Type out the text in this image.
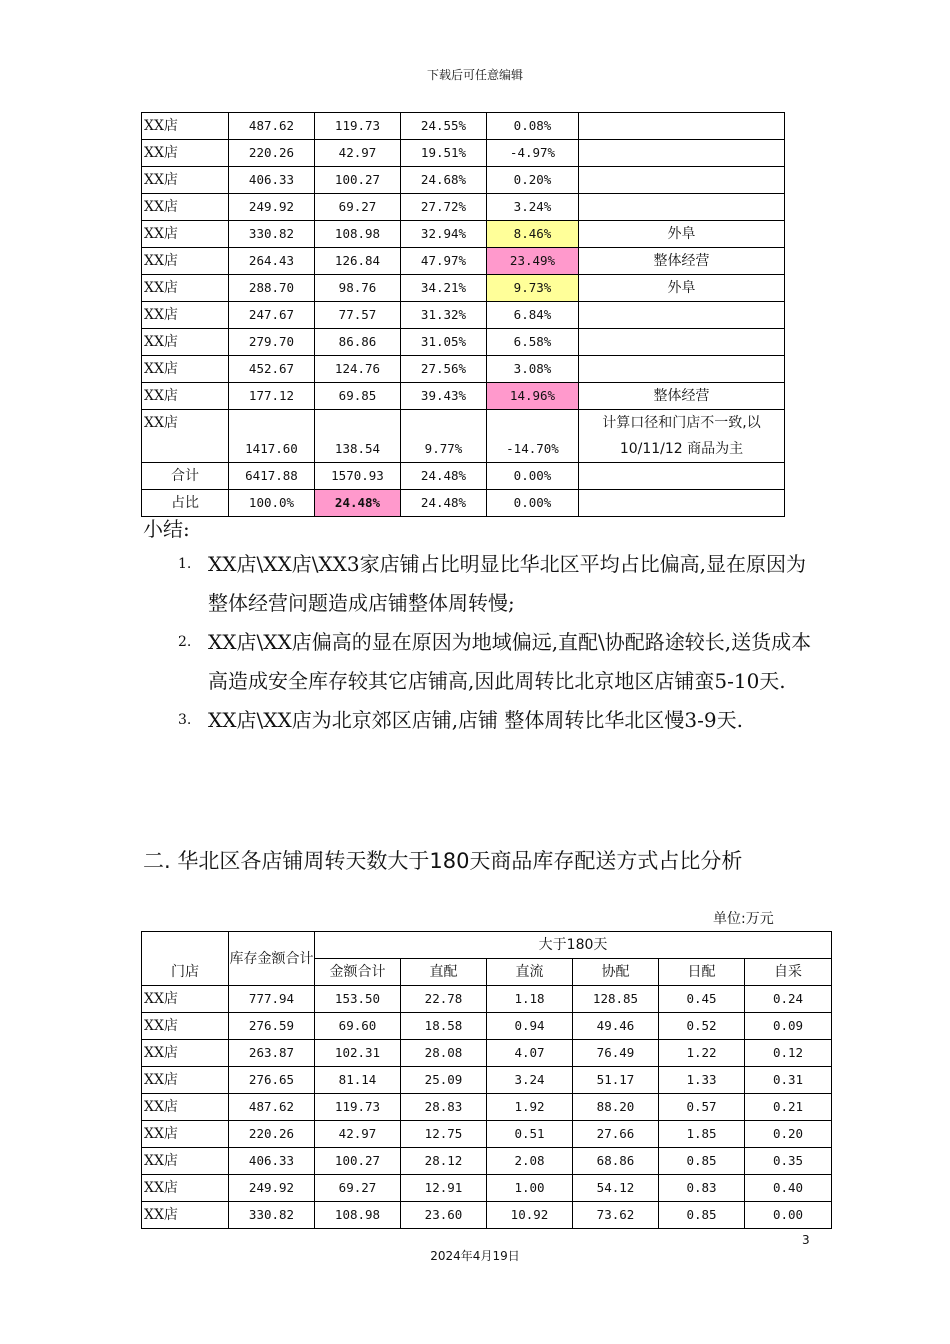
下载后可任意编辑
XX店	487.62	119.73	24.55%	0.08%	
XX店	220.26	42.97	19.51%	-4.97%	
XX店	406.33	100.27	24.68%	0.20%	
XX店	249.92	69.27	27.72%	3.24%	
XX店	330.82	108.98	32.94%	8.46%	外阜
XX店	264.43	126.84	47.97%	23.49%	整体经营
XX店	288.70	98.76	34.21%	9.73%	外阜
XX店	247.67	77.57	31.32%	6.84%	
XX店	279.70	86.86	31.05%	6.58%	
XX店	452.67	124.76	27.56%	3.08%	
XX店	177.12	69.85	39.43%	14.96%	整体经营
XX店	1417.60	138.54	9.77%	-14.70%	计算口径和门店不一致,以
10/11/12 商品为主

合计	6417.88	1570.93	24.48%	0.00%	
占比	100.0%	24.48%	24.48%	0.00%	
小结:
1. XX店\XX店\XX3家店铺占比明显比华北区平均占比偏高,显在原因为整体经营问题造成店铺整体周转慢;
2. XX店\XX店偏高的显在原因为地域偏远,直配\协配路途较长,送货成本高造成安全库存较其它店铺高,因此周转比北京地区店铺蛮5-10天.
3. XX店\XX店为北京郊区店铺,店铺 整体周转比华北区慢3-9天.
二. 华北区各店铺周转天数大于180天商品库存配送方式占比分析
单位:万元
门店	库存金额合计	大于180天					
		金额合计	直配	直流	协配	日配	自采
XX店	777.94	153.50	22.78	1.18	128.85	0.45	0.24
XX店	276.59	69.60	18.58	0.94	49.46	0.52	0.09
XX店	263.87	102.31	28.08	4.07	76.49	1.22	0.12
XX店	276.65	81.14	25.09	3.24	51.17	1.33	0.31
XX店	487.62	119.73	28.83	1.92	88.20	0.57	0.21
XX店	220.26	42.97	12.75	0.51	27.66	1.85	0.20
XX店	406.33	100.27	28.12	2.08	68.86	0.85	0.35
XX店	249.92	69.27	12.91	1.00	54.12	0.83	0.40
XX店	330.82	108.98	23.60	10.92	73.62	0.85	0.00
3
2024年4月19日
